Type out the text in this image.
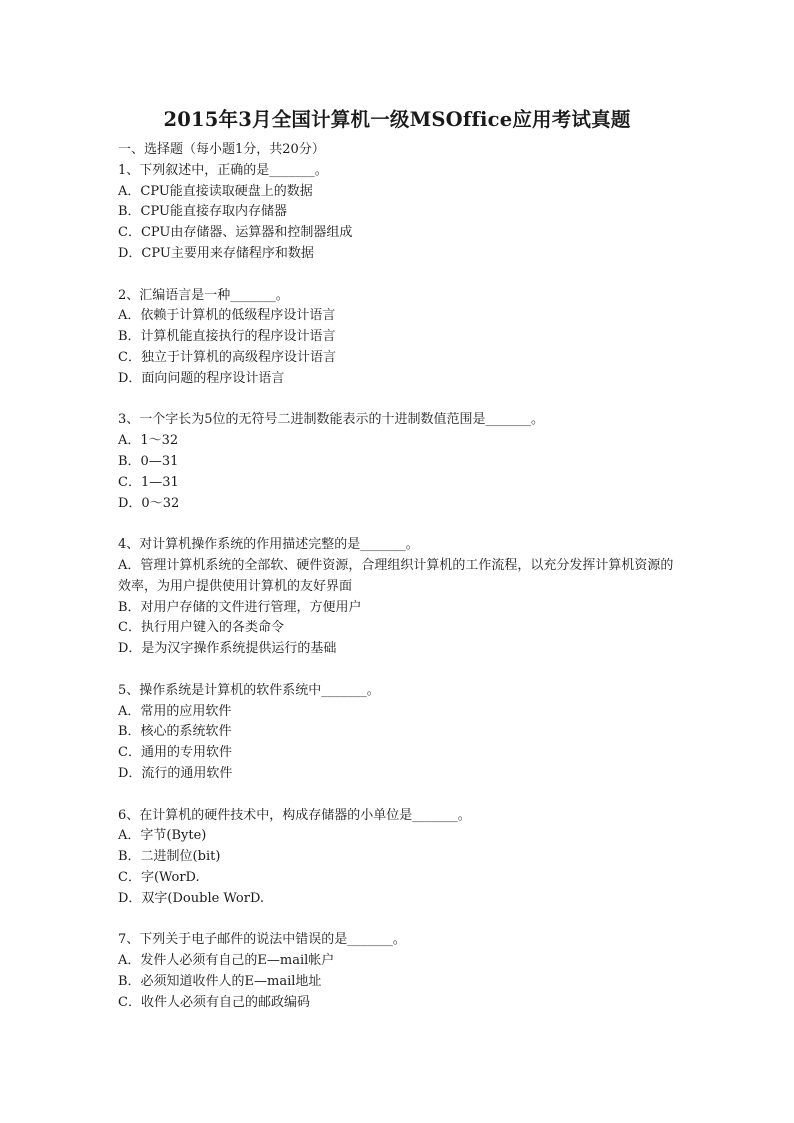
2015年3月全国计算机一级MSOffice应用考试真题
一、选择题（每小题1分，共20分）
1、下列叙述中，正确的是_______。
A．CPU能直接读取硬盘上的数据
B．CPU能直接存取内存储器
C．CPU由存储器、运算器和控制器组成
D．CPU主要用来存储程序和数据
2、汇编语言是一种_______。
A．依赖于计算机的低级程序设计语言
B．计算机能直接执行的程序设计语言
C．独立于计算机的高级程序设计语言
D．面向问题的程序设计语言
3、一个字长为5位的无符号二进制数能表示的十进制数值范围是_______。
A．1～32
B．0—31
C．1—31
D．0～32
4、对计算机操作系统的作用描述完整的是_______。
A．管理计算机系统的全部软、硬件资源，合理组织计算机的工作流程，以充分发挥计算机资源的效率，为用户提供使用计算机的友好界面
B．对用户存储的文件进行管理，方便用户
C．执行用户键入的各类命令
D．是为汉字操作系统提供运行的基础
5、操作系统是计算机的软件系统中_______。
A．常用的应用软件
B．核心的系统软件
C．通用的专用软件
D．流行的通用软件
6、在计算机的硬件技术中，构成存储器的小单位是_______。
A．字节(Byte)
B．二进制位(bit)
C．字(WorD.
D．双字(Double WorD.
7、下列关于电子邮件的说法中错误的是_______。
A．发件人必须有自己的E—mail帐户
B．必须知道收件人的E—mail地址
C．收件人必须有自己的邮政编码
